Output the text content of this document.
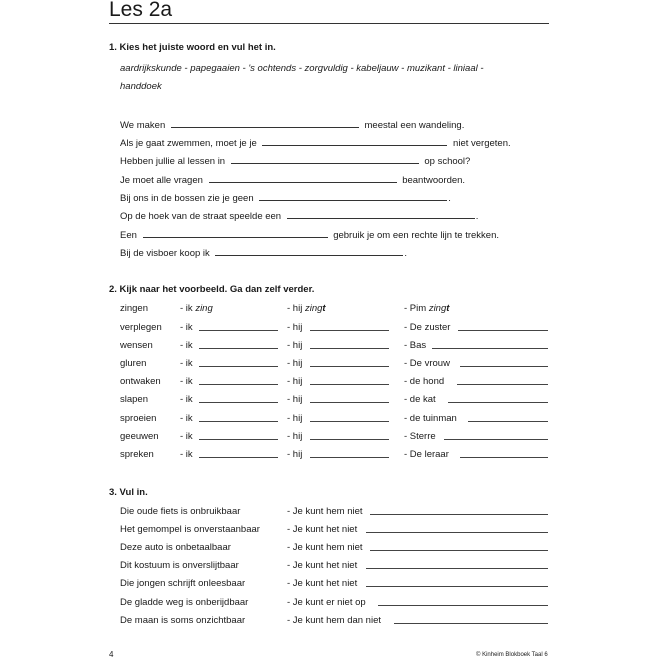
Les 2a
1. Kies het juiste woord en vul het in.
aardrijkskunde - papegaaien - 's ochtends - zorgvuldig - kabeljauw - muzikant - liniaal -
handdoek
We maken	meestal een wandeling.
Als je gaat zwemmen, moet je je	niet vergeten.
Hebben jullie al lessen in	op school?
Je moet alle vragen	beantwoorden.
Bij ons in de bossen zie je geen	.
Op de hoek van de straat speelde een	.
Een	gebruik je om een rechte lijn te trekken.
Bij de visboer koop ik	.
2. Kijk naar het voorbeeld. Ga dan zelf verder.
zingen	- ik zing	- hij zingt	- Pim zingt
verplegen - ik	- hij	- De zuster
wensen	- ik	- hij	- Bas
gluren	- ik	- hij	- De vrouw
ontwaken - ik	- hij	- de hond
slapen	- ik	- hij	- de kat
sproeien - ik	- hij	- de tuinman
geeuwen - ik	- hij	- Sterre
spreken	- ik	- hij	- De leraar
3. Vul in.
Die oude fiets is onbruikbaar	- Je kunt hem niet
Het gemompel is onverstaanbaar	- Je kunt het niet
Deze auto is onbetaalbaar	- Je kunt hem niet
Dit kostuum is onverslijtbaar	- Je kunt het niet
Die jongen schrijft onleesbaar	- Je kunt het niet
De gladde weg is onberijdbaar	- Je kunt er niet op
De maan is soms onzichtbaar	- Je kunt hem dan niet
4	© Kinheim Blokboek Taal 6
